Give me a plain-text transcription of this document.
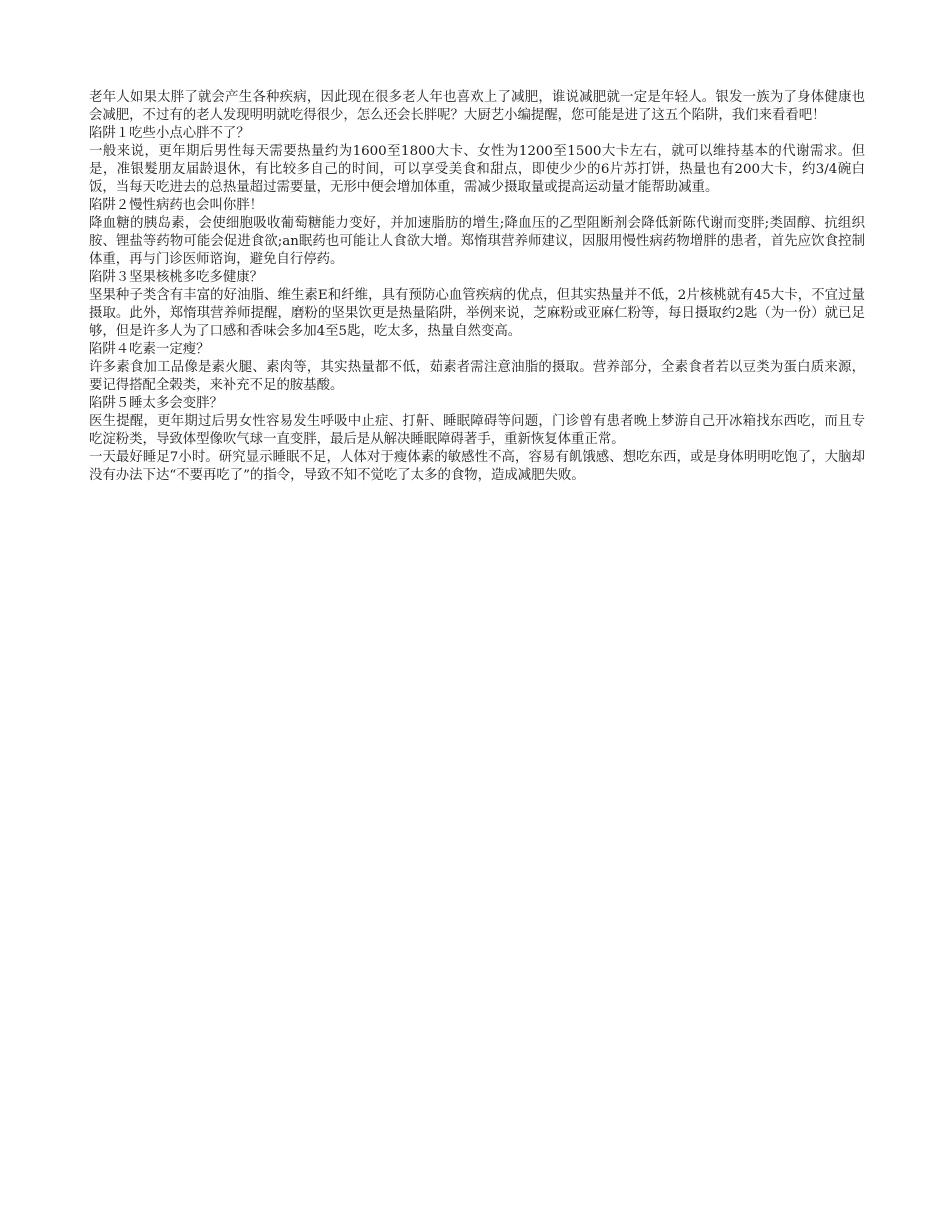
老年人如果太胖了就会产生各种疾病，因此现在很多老人年也喜欢上了减肥，谁说减肥就一定是年轻人。银发一族为了身体健康也会减肥，不过有的老人发现明明就吃得很少，怎么还会长胖呢？大厨艺小编提醒，您可能是进了这五个陷阱，我们来看看吧！

陷阱１吃些小点心胖不了？

一般来说，更年期后男性每天需要热量约为1600至1800大卡、女性为1200至1500大卡左右，就可以维持基本的代谢需求。但是，准银髮朋友届龄退休，有比较多自己的时间，可以享受美食和甜点，即使少少的6片苏打饼，热量也有200大卡，约3/4碗白饭，当每天吃进去的总热量超过需要量，无形中便会增加体重，需减少摄取量或提高运动量才能帮助减重。

陷阱２慢性病药也会叫你胖！

降血糖的胰岛素，会使细胞吸收葡萄糖能力变好，并加速脂肪的增生;降血压的乙型阻断剂会降低新陈代谢而变胖;类固醇、抗组织胺、锂盐等药物可能会促进食欲;an眠药也可能让人食欲大增。郑惰琪营养师建议，因服用慢性病药物增胖的患者，首先应饮食控制体重，再与门诊医师谘询，避免自行停药。

陷阱３坚果核桃多吃多健康？

坚果种子类含有丰富的好油脂、维生素E和纤维，具有预防心血管疾病的优点，但其实热量并不低，2片核桃就有45大卡，不宜过量摄取。此外，郑惰琪营养师提醒，磨粉的坚果饮更是热量陷阱，举例来说，芝麻粉或亚麻仁粉等，每日摄取约2匙（为一份）就已足够，但是许多人为了口感和香味会多加4至5匙，吃太多，热量自然变高。

陷阱４吃素一定瘦？

许多素食加工品像是素火腿、素肉等，其实热量都不低，茹素者需注意油脂的摄取。营养部分，全素食者若以豆类为蛋白质来源，要记得搭配全榖类，来补充不足的胺基酸。

陷阱５睡太多会变胖？

医生提醒，更年期过后男女性容易发生呼吸中止症、打鼾、睡眠障碍等问题，门诊曾有患者晚上梦游自己开冰箱找东西吃，而且专吃淀粉类，导致体型像吹气球一直变胖，最后是从解决睡眠障碍著手，重新恢复体重正常。

一天最好睡足7小时。研究显示睡眠不足，人体对于瘦体素的敏感性不高，容易有飢饿感、想吃东西，或是身体明明吃饱了，大脑却没有办法下达“不要再吃了”的指令，导致不知不觉吃了太多的食物，造成减肥失败。
